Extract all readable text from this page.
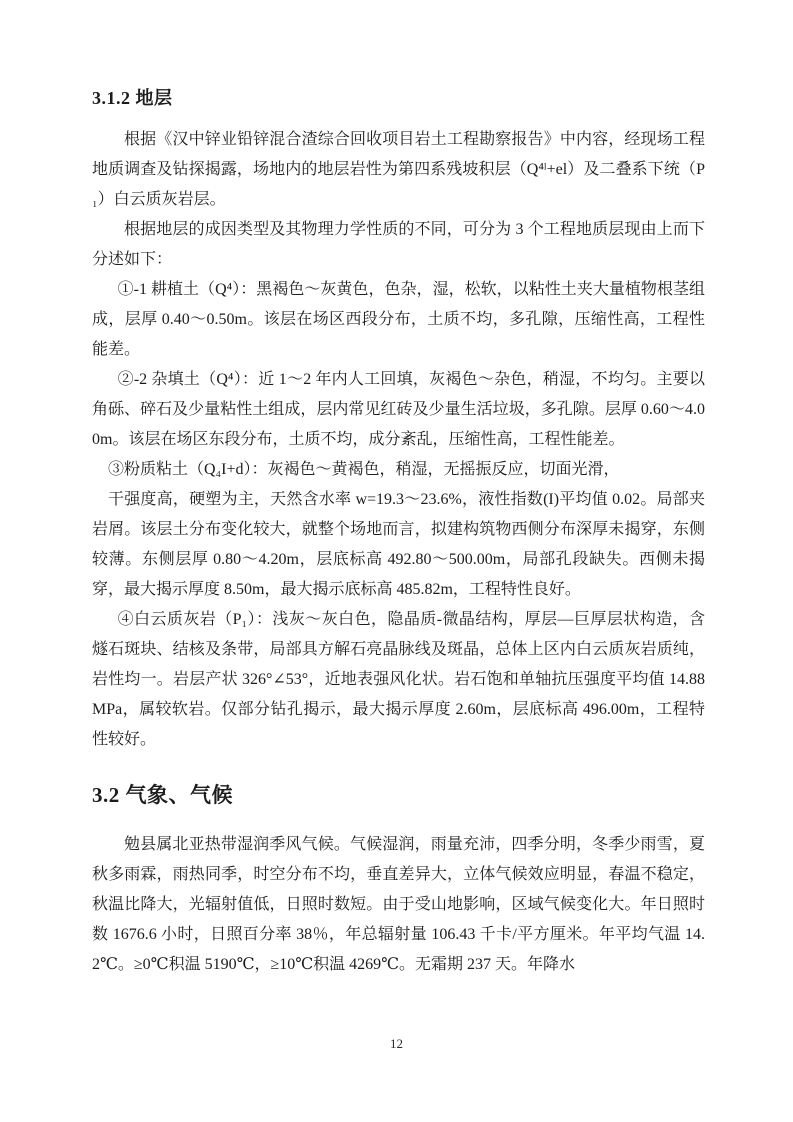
3.1.2 地层

根据《汉中锌业铅锌混合渣综合回收项目岩土工程勘察报告》中内容，经现场工程地质调查及钻探揭露，场地内的地层岩性为第四系残坡积层（Q⁴ˡ+el）及二叠系下统（P₁）白云质灰岩层。

根据地层的成因类型及其物理力学性质的不同，可分为 3 个工程地质层现由上而下分述如下：

①-1 耕植土（Q⁴）：黑褐色～灰黄色，色杂，湿，松软，以粘性土夹大量植物根茎组成，层厚 0.40～0.50m。该层在场区西段分布，土质不均，多孔隙，压缩性高，工程性能差。

②-2 杂填土（Q⁴）：近 1～2 年内人工回填，灰褐色～杂色，稍湿，不均匀。主要以角砾、碎石及少量粘性土组成，层内常见红砖及少量生活垃圾，多孔隙。层厚 0.60～4.00m。该层在场区东段分布，土质不均，成分紊乱，压缩性高，工程性能差。

③粉质粘土（Q₄I+d）：灰褐色～黄褐色，稍湿，无摇振反应，切面光滑，

干强度高，硬塑为主，天然含水率 w=19.3～23.6%，液性指数(I)平均值 0.02。局部夹岩屑。该层土分布变化较大，就整个场地而言，拟建构筑物西侧分布深厚未揭穿，东侧较薄。东侧层厚 0.80～4.20m，层底标高 492.80～500.00m，局部孔段缺失。西侧未揭穿，最大揭示厚度 8.50m，最大揭示底标高 485.82m，工程特性良好。

④白云质灰岩（P₁）：浅灰～灰白色，隐晶质-微晶结构，厚层—巨厚层状构造，含燧石斑块、结核及条带，局部具方解石亮晶脉线及斑晶，总体上区内白云质灰岩质纯，岩性均一。岩层产状 326°∠53°，近地表强风化状。岩石饱和单轴抗压强度平均值 14.88MPa，属较软岩。仅部分钻孔揭示，最大揭示厚度 2.60m，层底标高 496.00m，工程特性较好。

3.2 气象、气候

勉县属北亚热带湿润季风气候。气候湿润，雨量充沛，四季分明，冬季少雨雪，夏秋多雨霖，雨热同季，时空分布不均，垂直差异大，立体气候效应明显，春温不稳定，秋温比降大，光辐射值低，日照时数短。由于受山地影响，区域气候变化大。年日照时数 1676.6 小时，日照百分率 38％，年总辐射量 106.43 千卡/平方厘米。年平均气温 14.2℃。≥0℃积温 5190℃，≥10℃积温 4269℃。无霜期 237 天。年降水

12
